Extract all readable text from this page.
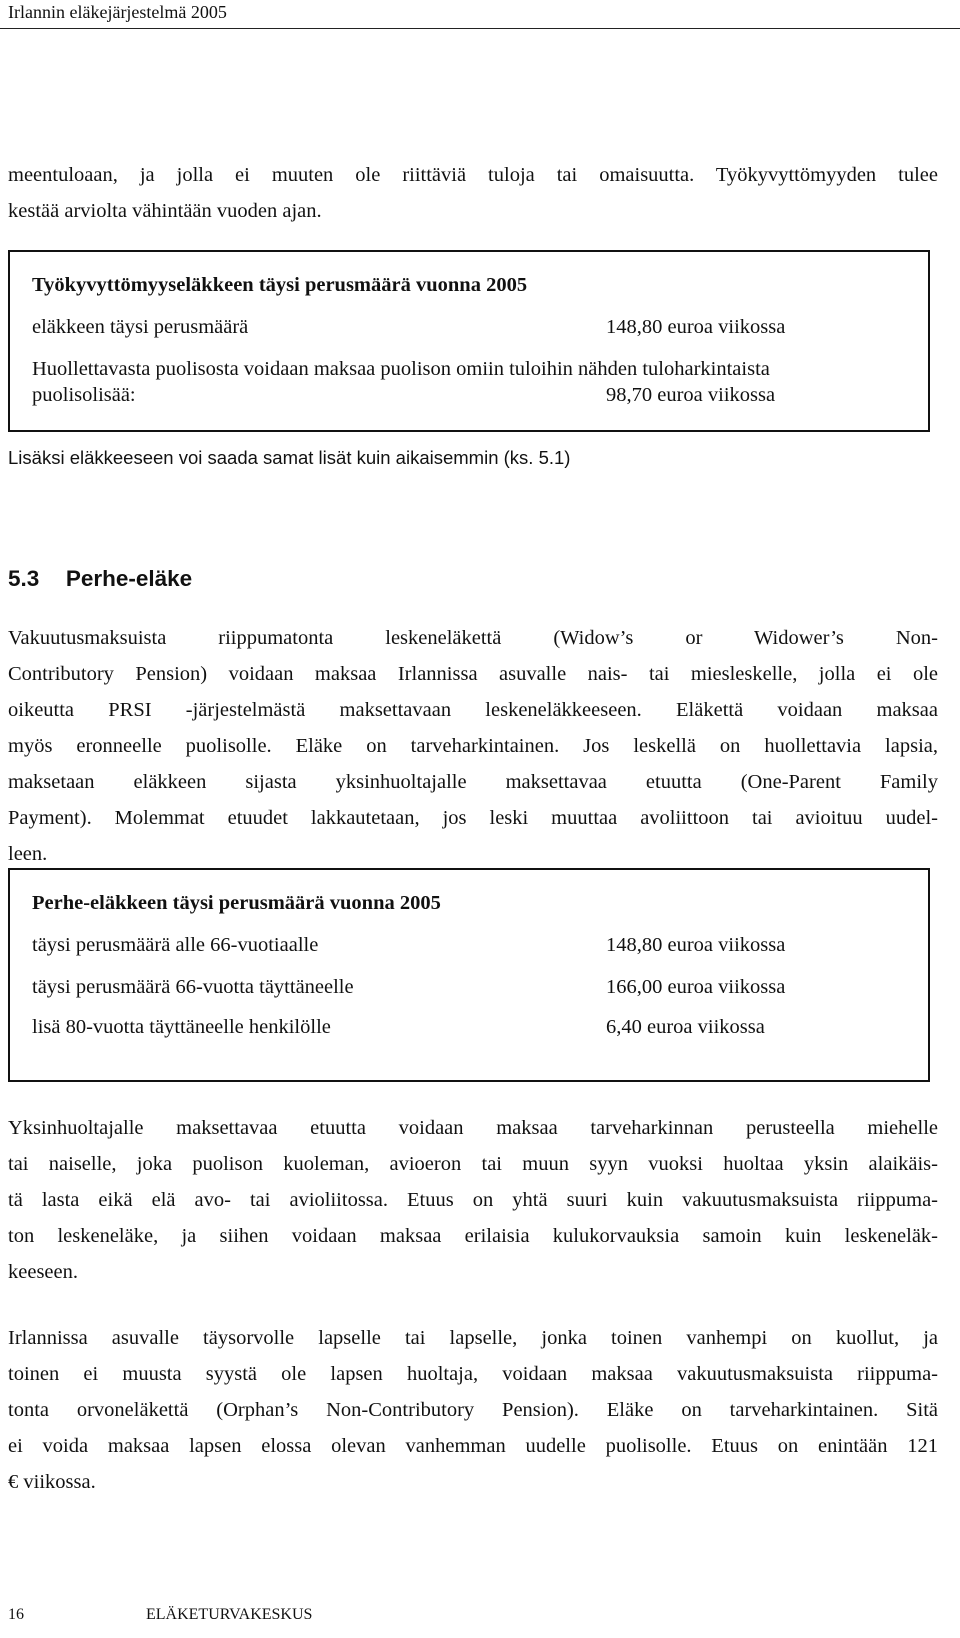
Irlannin eläkejärjestelmä 2005
meentuloaan, ja jolla ei muuten ole riittäviä tuloja tai omaisuutta. Työkyvyttömyyden tulee
kestää arviolta vähintään vuoden ajan.
Työkyvyttömyyseläkkeen täysi perusmäärä vuonna 2005
eläkkeen täysi perusmäärä	148,80 euroa viikossa
Huollettavasta puolisosta voidaan maksaa puolison omiin tuloihin nähden tuloharkintaista
puolisolisää:	98,70 euroa viikossa
Lisäksi eläkkeeseen voi saada samat lisät kuin aikaisemmin (ks. 5.1)
5.3 Perhe-eläke
Vakuutusmaksuista riippumatonta leskeneläkettä (Widow’s or Widower’s Non-
Contributory Pension) voidaan maksaa Irlannissa asuvalle nais- tai miesleskelle, jolla ei ole
oikeutta PRSI -järjestelmästä maksettavaan leskeneläkkeeseen. Eläkettä voidaan maksaa
myös eronneelle puolisolle. Eläke on tarveharkintainen. Jos leskellä on huollettavia lapsia,
maksetaan eläkkeen sijasta yksinhuoltajalle maksettavaa etuutta (One-Parent Family
Payment). Molemmat etuudet lakkautetaan, jos leski muuttaa avoliittoon tai avioituu uudel-
leen.
Perhe-eläkkeen täysi perusmäärä vuonna 2005
täysi perusmäärä alle 66-vuotiaalle	148,80 euroa viikossa
täysi perusmäärä 66-vuotta täyttäneelle	166,00 euroa viikossa
lisä 80-vuotta täyttäneelle henkilölle	6,40 euroa viikossa
Yksinhuoltajalle maksettavaa etuutta voidaan maksaa tarveharkinnan perusteella miehelle
tai naiselle, joka puolison kuoleman, avioeron tai muun syyn vuoksi huoltaa yksin alaikäis-
tä lasta eikä elä avo- tai avioliitossa. Etuus on yhtä suuri kuin vakuutusmaksuista riippuma-
ton leskeneläke, ja siihen voidaan maksaa erilaisia kulukorvauksia samoin kuin leskeneläk-
keeseen.
Irlannissa asuvalle täysorvolle lapselle tai lapselle, jonka toinen vanhempi on kuollut, ja
toinen ei muusta syystä ole lapsen huoltaja, voidaan maksaa vakuutusmaksuista riippuma-
tonta orvoneläkettä (Orphan’s Non-Contributory Pension). Eläke on tarveharkintainen. Sitä
ei voida maksaa lapsen elossa olevan vanhemman uudelle puolisolle. Etuus on enintään 121
€ viikossa.
16	ELÄKETURVAKESKUS
